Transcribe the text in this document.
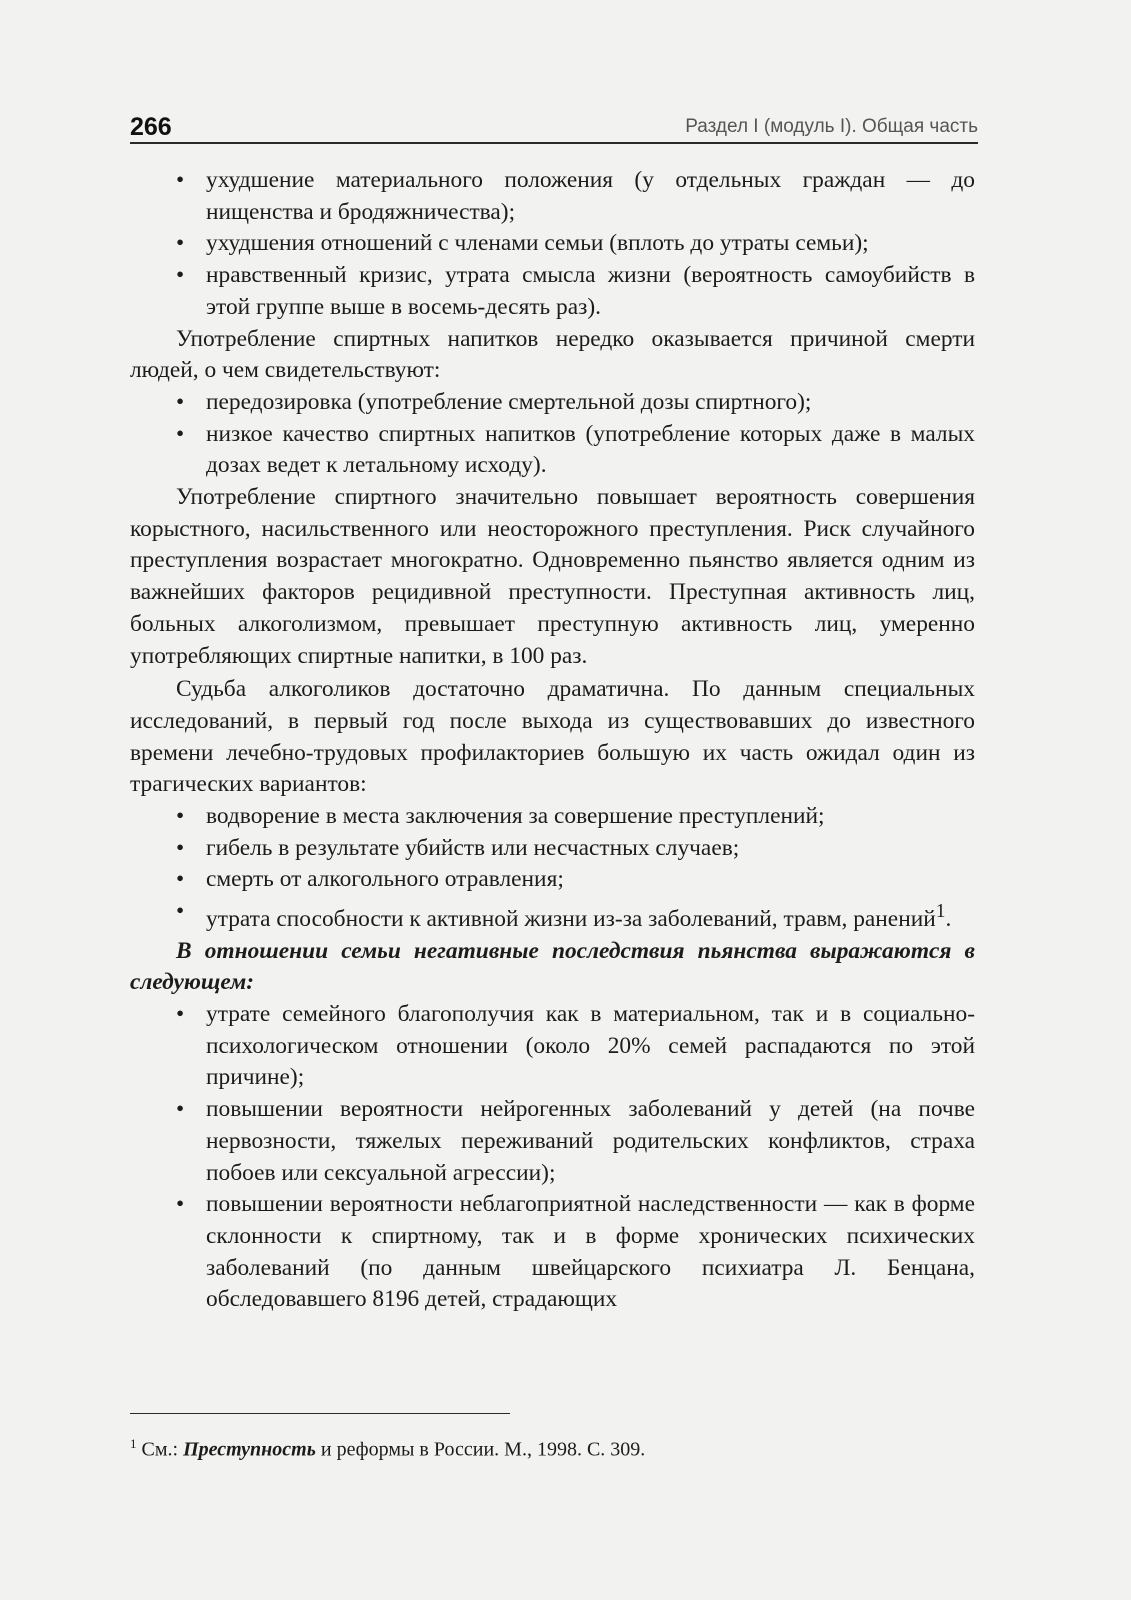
266	Раздел I (модуль I). Общая часть
• ухудшение материального положения (у отдельных граждан — до нищенства и бродяжничества);
• ухудшения отношений с членами семьи (вплоть до утраты семьи);
• нравственный кризис, утрата смысла жизни (вероятность самоубийств в этой группе выше в восемь-десять раз).

Употребление спиртных напитков нередко оказывается причиной смерти людей, о чем свидетельствуют:

• передозировка (употребление смертельной дозы спиртного);
• низкое качество спиртных напитков (употребление которых даже в малых дозах ведет к летальному исходу).

Употребление спиртного значительно повышает вероятность совершения корыстного, насильственного или неосторожного преступления. Риск случайного преступления возрастает многократно. Одновременно пьянство является одним из важнейших факторов рецидивной преступности. Преступная активность лиц, больных алкоголизмом, превышает преступную активность лиц, умеренно употребляющих спиртные напитки, в 100 раз.

Судьба алкоголиков достаточно драматична. По данным специальных исследований, в первый год после выхода из существовавших до известного времени лечебно-трудовых профилакториев большую их часть ожидал один из трагических вариантов:

• водворение в места заключения за совершение преступлений;
• гибель в результате убийств или несчастных случаев;
• смерть от алкогольного отравления;
• утрата способности к активной жизни из-за заболеваний, травм, ранений$^1$.

В отношении семьи негативные последствия пьянства выражаются в следующем:

• утрате семейного благополучия как в материальном, так и в социально-психологическом отношении (около 20% семей распадаются по этой причине);
• повышении вероятности нейрогенных заболеваний у детей (на почве нервозности, тяжелых переживаний родительских конфликтов, страха побоев или сексуальной агрессии);
• повышении вероятности неблагоприятной наследственности — как в форме склонности к спиртному, так и в форме хронических психических заболеваний (по данным швейцарского психиатра Л. Бенцана, обследовавшего 8196 детей, страдающих
$^1$ См.: Преступность и реформы в России. М., 1998. С. 309.
